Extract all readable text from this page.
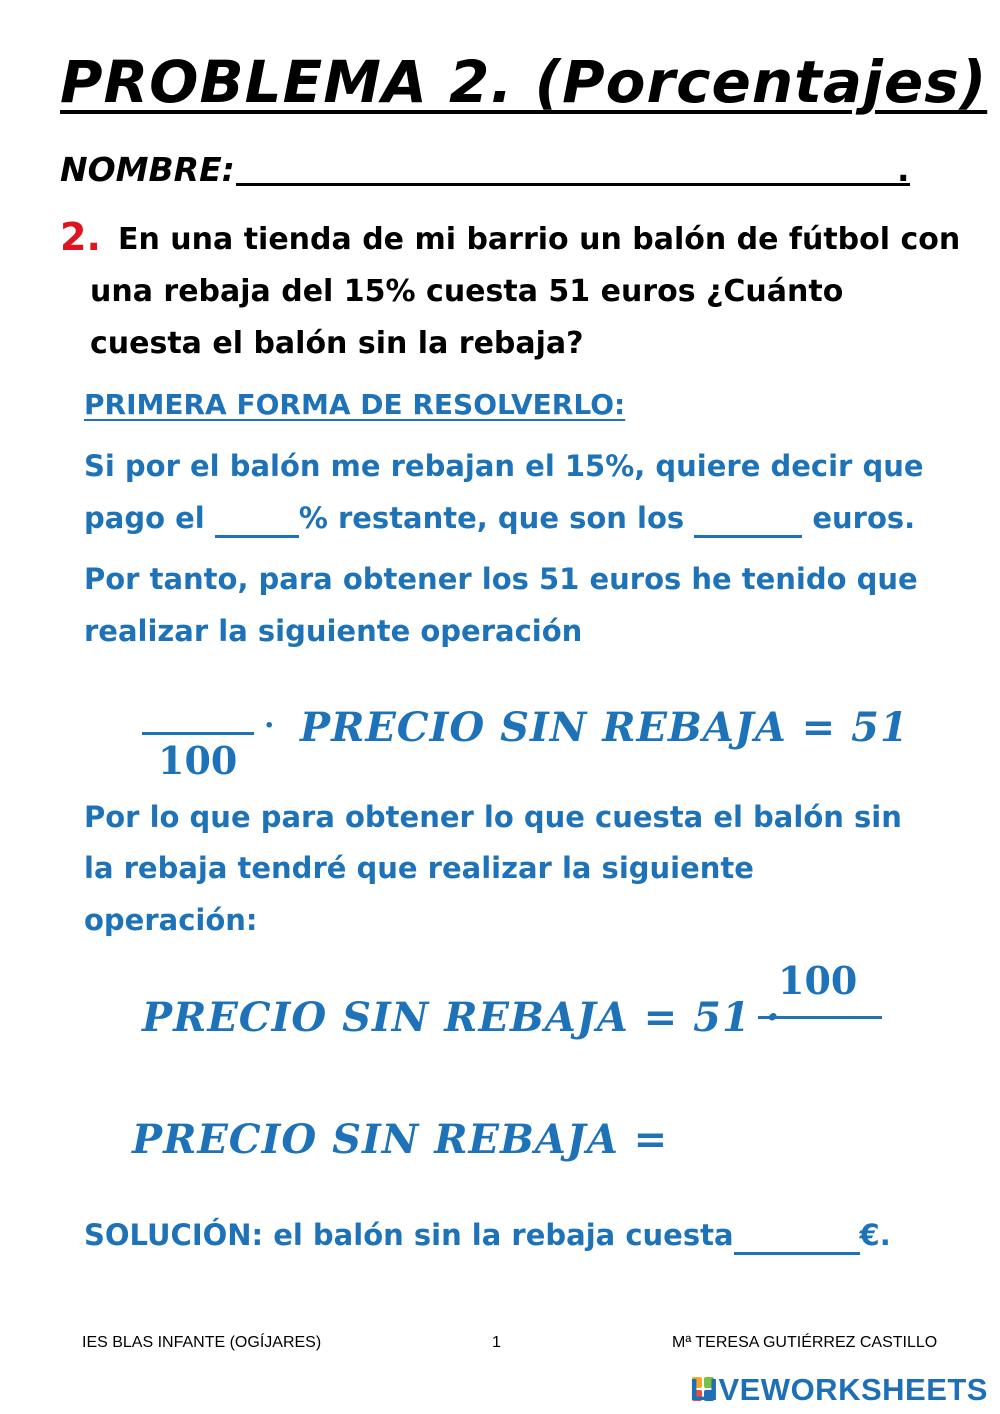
PROBLEMA 2. (Porcentajes)
NOMBRE:	.
2. En una tienda de mi barrio un balón de fútbol con
una rebaja del 15% cuesta 51 euros ¿Cuánto
cuesta el balón sin la rebaja?
PRIMERA FORMA DE RESOLVERLO:
Si por el balón me rebajan el 15%, quiere decir que
pago el	% restante, que son los	euros.
Por tanto, para obtener los 51 euros he tenido que
realizar la siguiente operación
100
· PRECIO SIN REBAJA = 51
Por lo que para obtener lo que cuesta el balón sin
la rebaja tendré que realizar la siguiente
operación:
PRECIO SIN REBAJA = 51 ·
100
PRECIO SIN REBAJA =
SOLUCIÓN: el balón sin la rebaja cuesta	€.
IES BLAS INFANTE (OGÍJARES)	1	Mª TERESA GUTIÉRREZ CASTILLO
LIVEWORKSHEETS
